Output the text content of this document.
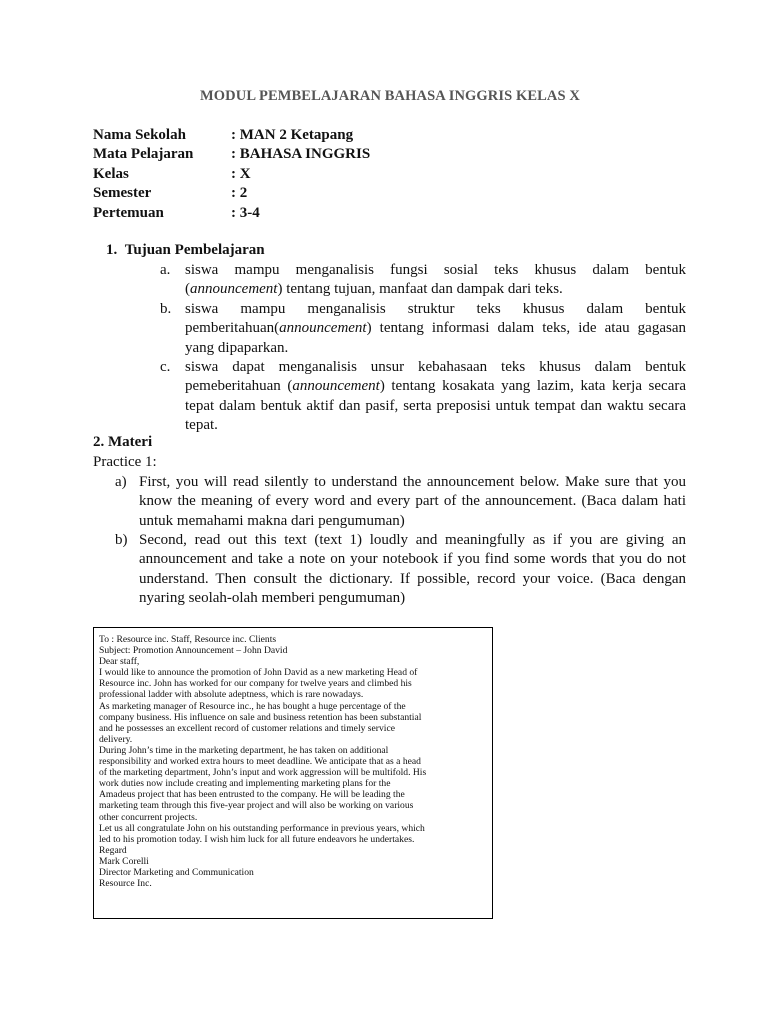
MODUL PEMBELAJARAN BAHASA INGGRIS KELAS X
Nama Sekolah	: MAN 2 Ketapang
Mata Pelajaran	: BAHASA INGGRIS
Kelas	: X
Semester	: 2
Pertemuan	: 3-4
1.  Tujuan Pembelajaran
a. siswa mampu menganalisis fungsi sosial teks khusus dalam bentuk (announcement) tentang tujuan, manfaat dan dampak dari teks.
b. siswa mampu menganalisis struktur teks khusus dalam bentuk pemberitahuan(announcement) tentang informasi dalam teks, ide atau gagasan yang dipaparkan.
c. siswa dapat menganalisis unsur kebahasaan teks khusus dalam bentuk pemeberitahuan (announcement) tentang kosakata yang lazim, kata kerja secara tepat dalam bentuk aktif dan pasif, serta preposisi untuk tempat dan waktu secara tepat.
2. Materi
Practice 1:
a) First, you will read silently to understand the announcement below. Make sure that you know the meaning of every word and every part of the announcement. (Baca dalam hati untuk memahami makna dari pengumuman)
b) Second, read out this text (text 1) loudly and meaningfully as if you are giving an announcement and take a note on your notebook if you find some words that you do not understand. Then consult the dictionary. If possible, record your voice. (Baca dengan nyaring seolah-olah memberi pengumuman)
To : Resource inc. Staff, Resource inc. Clients
Subject: Promotion Announcement – John David
Dear staff,
I would like to announce the promotion of John David as a new marketing Head of
Resource inc. John has worked for our company for twelve years and climbed his
professional ladder with absolute adeptness, which is rare nowadays.
As marketing manager of Resource inc., he has bought a huge percentage of the
company business. His influence on sale and business retention has been substantial
and he possesses an excellent record of customer relations and timely service
delivery.
During John’s time in the marketing department, he has taken on additional
responsibility and worked extra hours to meet deadline. We anticipate that as a head
of the marketing department, John’s input and work aggression will be multifold. His
work duties now include creating and implementing marketing plans for the
Amadeus project that has been entrusted to the company. He will be leading the
marketing team through this five-year project and will also be working on various
other concurrent projects.
Let us all congratulate John on his outstanding performance in previous years, which
led to his promotion today. I wish him luck for all future endeavors he undertakes.
Regard
Mark Corelli
Director Marketing and Communication
Resource Inc.
